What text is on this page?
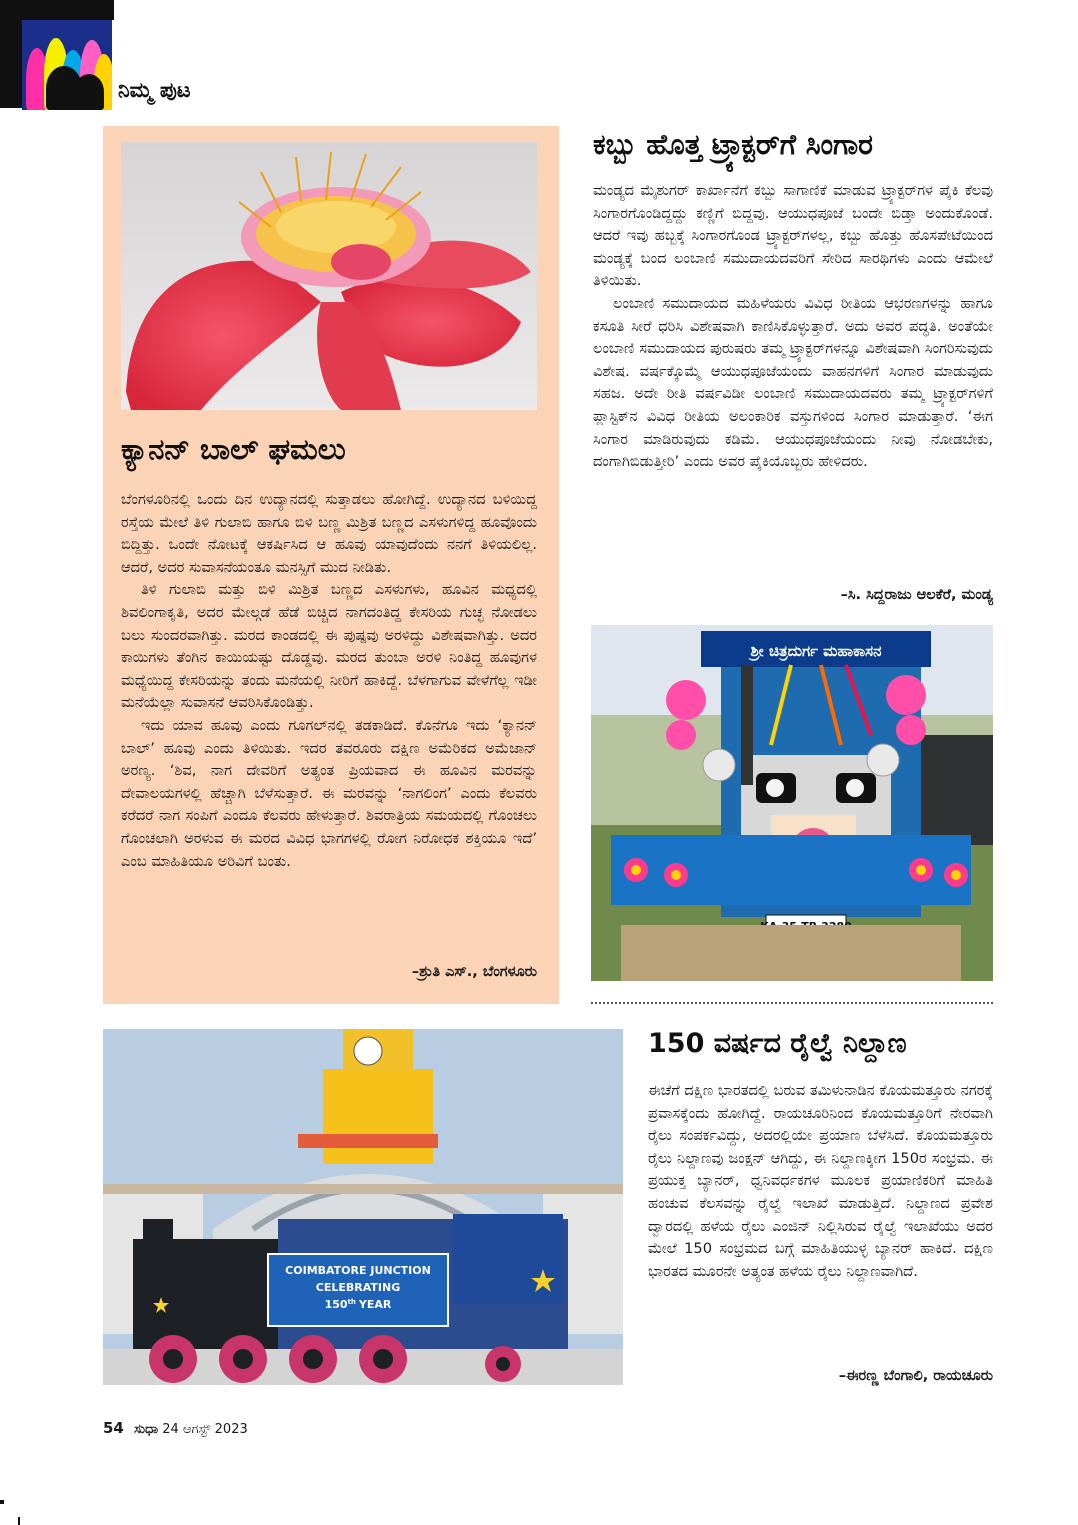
ನಿಮ್ಮ ಪುಟ
ಕ್ಯಾನನ್ ಬಾಲ್ ಘಮಲು

ಬೆಂಗಳೂರಿನಲ್ಲಿ ಒಂದು ದಿನ ಉದ್ಯಾನದಲ್ಲಿ ಸುತ್ತಾಡಲು ಹೋಗಿದ್ದೆ. ಉದ್ಯಾನದ ಬಳಿಯಿದ್ದ ರಸ್ತೆಯ ಮೇಲೆ ತಿಳಿ ಗುಲಾಬಿ ಹಾಗೂ ಬಿಳಿ ಬಣ್ಣ ಮಿಶ್ರಿತ ಬಣ್ಣದ ಎಸಳುಗಳಿದ್ದ ಹೂವೊಂದು ಬಿದ್ದಿತ್ತು. ಒಂದೇ ನೋಟಕ್ಕೆ ಆಕರ್ಷಿಸಿದ ಆ ಹೂವು ಯಾವುದೆಂದು ನನಗೆ ತಿಳಿಯಲಿಲ್ಲ. ಆದರೆ, ಅದರ ಸುವಾಸನೆಯಂತೂ ಮನಸ್ಸಿಗೆ ಮುದ ನೀಡಿತು.

ತಿಳಿ ಗುಲಾಬಿ ಮತ್ತು ಬಿಳಿ ಮಿಶ್ರಿತ ಬಣ್ಣದ ಎಸಳುಗಳು, ಹೂವಿನ ಮಧ್ಯದಲ್ಲಿ ಶಿವಲಿಂಗಾಕೃತಿ, ಅದರ ಮೇಲ್ಗಡೆ ಹೆಡೆ ಬಿಚ್ಚಿದ ನಾಗದಂತಿದ್ದ ಕೇಸರಿಯ ಗುಚ್ಛ ನೋಡಲು ಬಲು ಸುಂದರವಾಗಿತ್ತು. ಮರದ ಕಾಂಡದಲ್ಲಿ ಈ ಪುಷ್ಪವು ಅರಳಿದ್ದು ವಿಶೇಷವಾಗಿತ್ತು. ಅದರ ಕಾಯಿಗಳು ತೆಂಗಿನ ಕಾಯಿಯಷ್ಟು ದೊಡ್ಡವು. ಮರದ ತುಂಬಾ ಅರಳಿ ನಿಂತಿದ್ದ ಹೂವುಗಳ ಮಧ್ಯೆಯಿದ್ದ ಕೇಸರಿಯನ್ನು ತಂದು ಮನೆಯಲ್ಲಿ ನೀರಿಗೆ ಹಾಕಿದ್ದೆ. ಬೆಳಗಾಗುವ ವೇಳೆಗೆಲ್ಲ ಇಡೀ ಮನೆಯೆಲ್ಲಾ ಸುವಾಸನೆ ಆವರಿಸಿಕೊಂಡಿತ್ತು.

ಇದು ಯಾವ ಹೂವು ಎಂದು ಗೂಗಲ್‌ನಲ್ಲಿ ತಡಕಾಡಿದೆ. ಕೊನೆಗೂ ಇದು ‘ಕ್ಯಾನನ್ ಬಾಲ್’ ಹೂವು ಎಂದು ತಿಳಿಯಿತು. ಇದರ ತವರೂರು ದಕ್ಷಿಣ ಅಮೆರಿಕದ ಅಮೆಜಾನ್ ಅರಣ್ಯ. ‘ಶಿವ, ನಾಗ ದೇವರಿಗೆ ಅತ್ಯಂತ ಪ್ರಿಯವಾದ ಈ ಹೂವಿನ ಮರವನ್ನು ದೇವಾಲಯಗಳಲ್ಲಿ ಹೆಚ್ಚಾಗಿ ಬೆಳೆಸುತ್ತಾರೆ. ಈ ಮರವನ್ನು ‘ನಾಗಲಿಂಗ’ ಎಂದು ಕೆಲವರು ಕರೆದರೆ ನಾಗ ಸಂಪಿಗೆ ಎಂದೂ ಕೆಲವರು ಹೇಳುತ್ತಾರೆ. ಶಿವರಾತ್ರಿಯ ಸಮಯದಲ್ಲಿ ಗೊಂಚಲು ಗೊಂಚಲಾಗಿ ಅರಳುವ ಈ ಮರದ ವಿವಿಧ ಭಾಗಗಳಲ್ಲಿ ರೋಗ ನಿರೋಧಕ ಶಕ್ತಿಯೂ ಇದೆ’ ಎಂಬ ಮಾಹಿತಿಯೂ ಅರಿವಿಗೆ ಬಂತು.

–ಶ್ರುತಿ ಎಸ್., ಬೆಂಗಳೂರು
ಕಬ್ಬು ಹೊತ್ತ ಟ್ರ್ಯಾಕ್ಟರ್‌ಗೆ ಸಿಂಗಾರ

ಮಂಡ್ಯದ ಮೈಶುಗರ್ ಕಾರ್ಖಾನೆಗೆ ಕಬ್ಬು ಸಾಗಾಣಿಕೆ ಮಾಡುವ ಟ್ರ್ಯಾಕ್ಟರ್‌ಗಳ ಪೈಕಿ ಕೆಲವು ಸಿಂಗಾರಗೊಂಡಿದ್ದದ್ದು ಕಣ್ಣಿಗೆ ಬಿದ್ದವು. ಆಯುಧಪೂಜೆ ಬಂದೇ ಬಿಡ್ತಾ ಅಂದುಕೊಂಡೆ. ಆದರೆ ಇವು ಹಬ್ಬಕ್ಕೆ ಸಿಂಗಾರಗೊಂಡ ಟ್ರ್ಯಾಕ್ಟರ್‌ಗಳಲ್ಲ, ಕಬ್ಬು ಹೊತ್ತು ಹೊಸಪೇಟೆಯಿಂದ ಮಂಡ್ಯಕ್ಕೆ ಬಂದ ಲಂಬಾಣಿ ಸಮುದಾಯದವರಿಗೆ ಸೇರಿದ ಸಾರಥಿಗಳು ಎಂದು ಆಮೇಲೆ ತಿಳಿಯಿತು.

ಲಂಬಾಣಿ ಸಮುದಾಯದ ಮಹಿಳೆಯರು ವಿವಿಧ ರೀತಿಯ ಆಭರಣಗಳನ್ನು ಹಾಗೂ ಕಸೂತಿ ಸೀರೆ ಧರಿಸಿ ವಿಶೇಷವಾಗಿ ಕಾಣಿಸಿಕೊಳ್ಳುತ್ತಾರೆ. ಅದು ಅವರ ಪದ್ಧತಿ. ಅಂತೆಯೇ ಲಂಬಾಣಿ ಸಮುದಾಯದ ಪುರುಷರು ತಮ್ಮ ಟ್ರ್ಯಾಕ್ಟರ್‌ಗಳನ್ನೂ ವಿಶೇಷವಾಗಿ ಸಿಂಗರಿಸುವುದು ವಿಶೇಷ. ವರ್ಷಕ್ಕೊಮ್ಮೆ ಆಯುಧಪೂಜೆಯಂದು ವಾಹನಗಳಿಗೆ ಸಿಂಗಾರ ಮಾಡುವುದು ಸಹಜ. ಅದೇ ರೀತಿ ವರ್ಷವಿಡೀ ಲಂಬಾಣಿ ಸಮುದಾಯದವರು ತಮ್ಮ ಟ್ರ್ಯಾಕ್ಟರ್‌ಗಳಿಗೆ ಪ್ಲಾಸ್ಟಿಕ್‌ನ ವಿವಿಧ ರೀತಿಯ ಅಲಂಕಾರಿಕ ವಸ್ತುಗಳಿಂದ ಸಿಂಗಾರ ಮಾಡುತ್ತಾರೆ. ‘ಈಗ ಸಿಂಗಾರ ಮಾಡಿರುವುದು ಕಡಿಮೆ. ಆಯುಧಪೂಜೆಯಂದು ನೀವು ನೋಡಬೇಕು, ದಂಗಾಗಿಬಿಡುತ್ತೀರಿ’ ಎಂದು ಅವರ ಪೈಕಿಯೊಬ್ಬರು ಹೇಳಿದರು.

–ಸಿ. ಸಿದ್ದರಾಜು ಆಲಕೆರೆ, ಮಂಡ್ಯ
ಶ್ರೀ ಚಿತ್ರದುರ್ಗ ಮಹಾಕಾಸನ
COIMBATORE JUNCTION
CELEBRATING
150th YEAR
150 ವರ್ಷದ ರೈಲ್ವೆ ನಿಲ್ದಾಣ

ಈಚೆಗೆ ದಕ್ಷಿಣ ಭಾರತದಲ್ಲಿ ಬರುವ ತಮಿಳುನಾಡಿನ ಕೊಯಮತ್ತೂರು ನಗರಕ್ಕೆ ಪ್ರವಾಸಕ್ಕೆಂದು ಹೋಗಿದ್ದೆ. ರಾಯಚೂರಿನಿಂದ ಕೊಯಮತ್ತೂರಿಗೆ ನೇರವಾಗಿ ರೈಲು ಸಂಪರ್ಕವಿದ್ದು, ಅದರಲ್ಲಿಯೇ ಪ್ರಯಾಣ ಬೆಳೆಸಿದೆ. ಕೊಯಮತ್ತೂರು ರೈಲು ನಿಲ್ದಾಣವು ಜಂಕ್ಷನ್ ಆಗಿದ್ದು, ಈ ನಿಲ್ದಾಣಕ್ಕೀಗ 150ರ ಸಂಭ್ರಮ. ಈ ಪ್ರಯುಕ್ತ ಬ್ಯಾನರ್, ಧ್ವನಿವರ್ಧಕಗಳ ಮೂಲಕ ಪ್ರಯಾಣಿಕರಿಗೆ ಮಾಹಿತಿ ಹಂಚುವ ಕೆಲಸವನ್ನು ರೈಲ್ವೆ ಇಲಾಖೆ ಮಾಡುತ್ತಿದೆ. ನಿಲ್ದಾಣದ ಪ್ರವೇಶ ದ್ವಾರದಲ್ಲಿ ಹಳೆಯ ರೈಲು ಎಂಜಿನ್ ನಿಲ್ಲಿಸಿರುವ ರೈಲ್ವೆ ಇಲಾಖೆಯು ಅದರ ಮೇಲೆ 150 ಸಂಭ್ರಮದ ಬಗ್ಗೆ ಮಾಹಿತಿಯುಳ್ಳ ಬ್ಯಾನರ್ ಹಾಕಿದೆ. ದಕ್ಷಿಣ ಭಾರತದ ಮೂರನೇ ಅತ್ಯಂತ ಹಳೆಯ ರೈಲು ನಿಲ್ದಾಣವಾಗಿದೆ.

–ಈರಣ್ಣ ಬೆಂಗಾಲಿ, ರಾಯಚೂರು
54 ಸುಧಾ 24 ಆಗಸ್ಟ್ 2023
